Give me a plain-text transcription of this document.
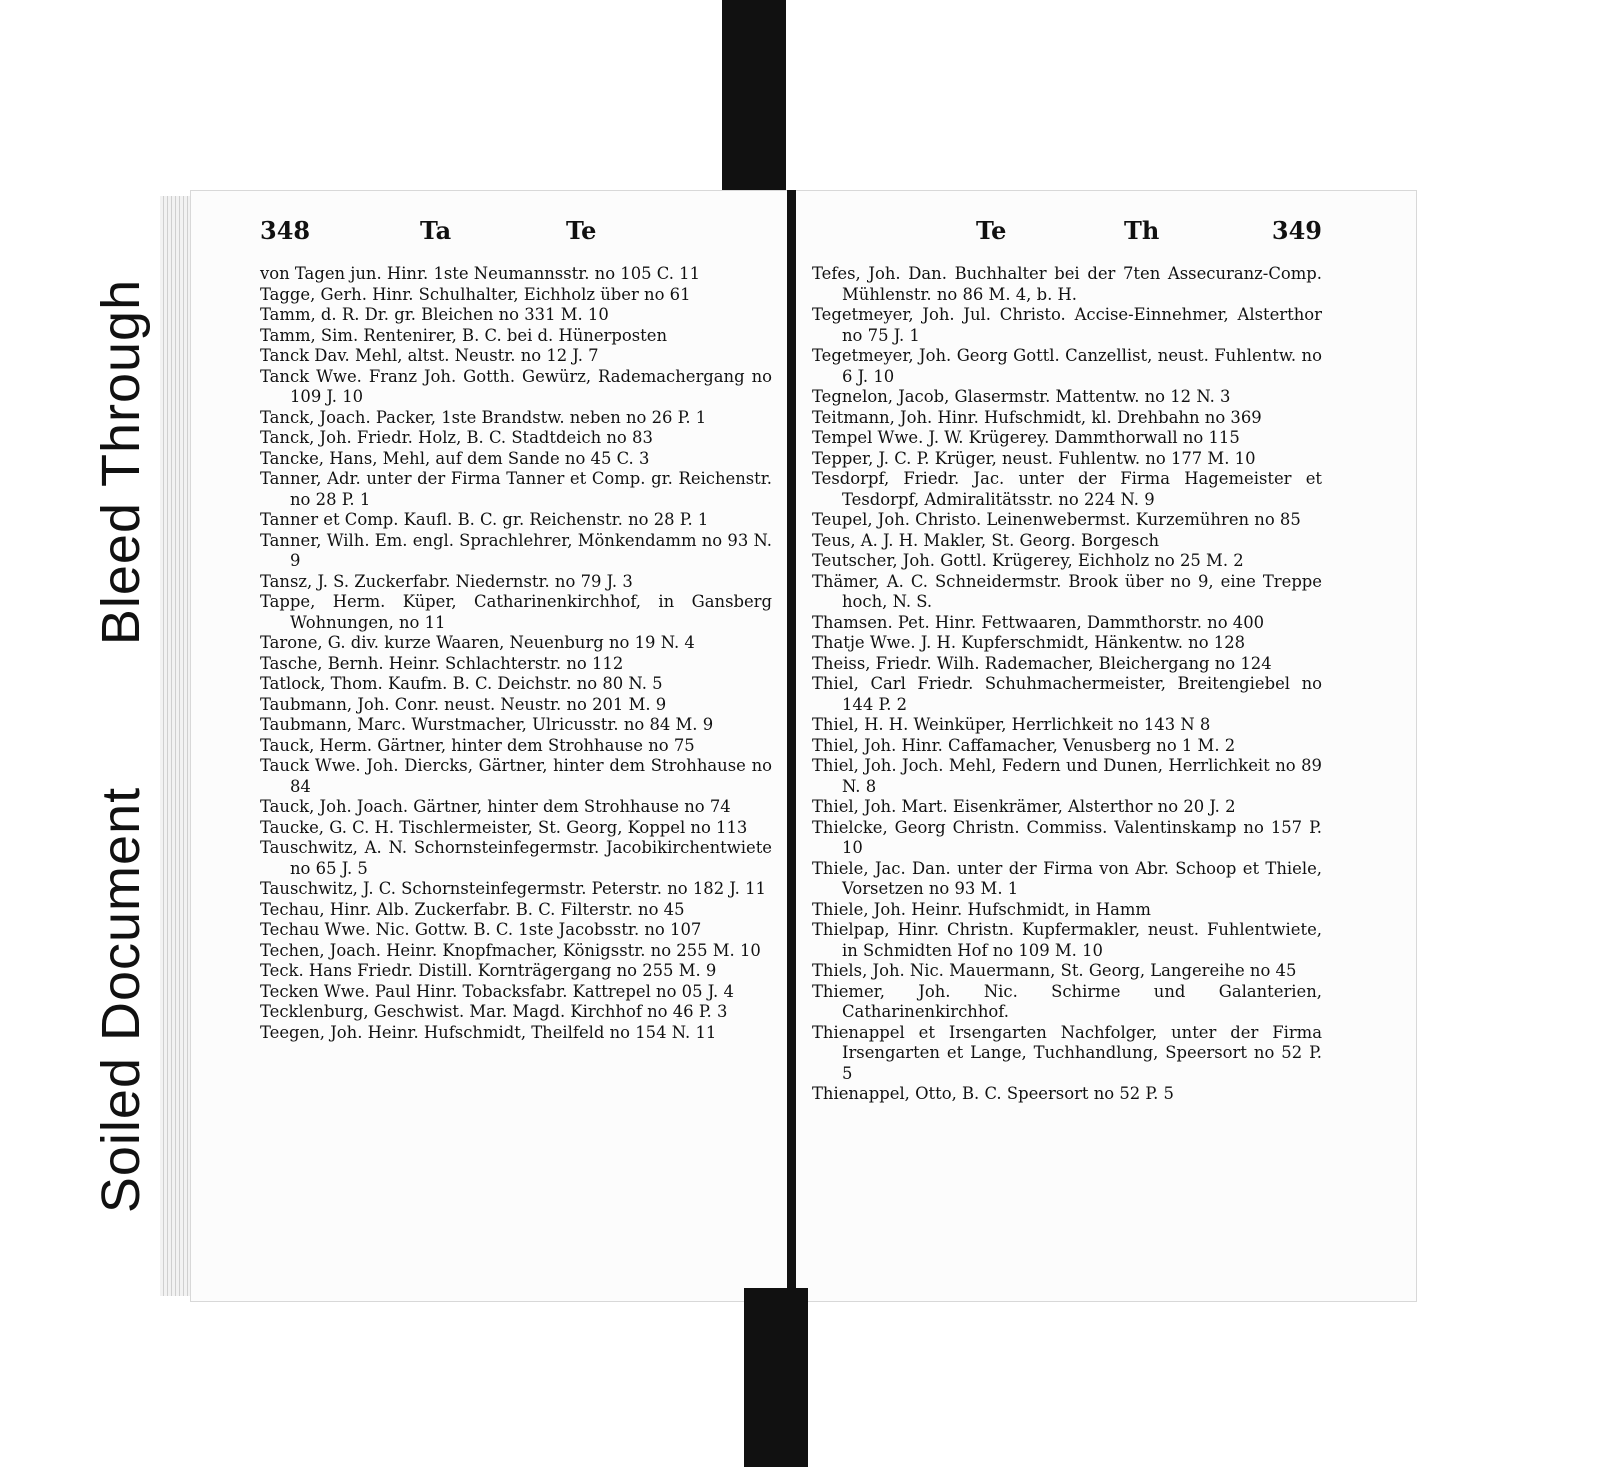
Bleed Through
Soiled Document
348	Ta	Te
von Tagen jun. Hinr. 1ste Neumannsstr. no 105 C. 11
Tagge, Gerh. Hinr. Schulhalter, Eichholz über no 61
Tamm, d. R. Dr. gr. Bleichen no 331 M. 10
Tamm, Sim. Rentenirer, B. C. bei d. Hünerposten
Tanck Dav. Mehl, altst. Neustr. no 12 J. 7
Tanck Wwe. Franz Joh. Gotth. Gewürz, Rademachergang no 109 J. 10
Tanck, Joach. Packer, 1ste Brandstw. neben no 26 P. 1
Tanck, Joh. Friedr. Holz, B. C. Stadtdeich no 83
Tancke, Hans, Mehl, auf dem Sande no 45 C. 3
Tanner, Adr. unter der Firma Tanner et Comp. gr. Reichenstr. no 28 P. 1
Tanner et Comp. Kaufl. B. C. gr. Reichenstr. no 28 P. 1
Tanner, Wilh. Em. engl. Sprachlehrer, Mönkendamm no 93 N. 9
Tansz, J. S. Zuckerfabr. Niedernstr. no 79 J. 3
Tappe, Herm. Küper, Catharinenkirchhof, in Gansberg Wohnungen, no 11
Tarone, G. div. kurze Waaren, Neuenburg no 19 N. 4
Tasche, Bernh. Heinr. Schlachterstr. no 112
Tatlock, Thom. Kaufm. B. C. Deichstr. no 80 N. 5
Taubmann, Joh. Conr. neust. Neustr. no 201 M. 9
Taubmann, Marc. Wurstmacher, Ulricusstr. no 84 M. 9
Tauck, Herm. Gärtner, hinter dem Strohhause no 75
Tauck Wwe. Joh. Diercks, Gärtner, hinter dem Strohhause no 84
Tauck, Joh. Joach. Gärtner, hinter dem Strohhause no 74
Taucke, G. C. H. Tischlermeister, St. Georg, Koppel no 113
Tauschwitz, A. N. Schornsteinfegermstr. Jacobikirchentwiete no 65 J. 5
Tauschwitz, J. C. Schornsteinfegermstr. Peterstr. no 182 J. 11
Techau, Hinr. Alb. Zuckerfabr. B. C. Filterstr. no 45
Techau Wwe. Nic. Gottw. B. C. 1ste Jacobsstr. no 107
Techen, Joach. Heinr. Knopfmacher, Königsstr. no 255 M. 10
Teck. Hans Friedr. Distill. Kornträgergang no 255 M. 9
Tecken Wwe. Paul Hinr. Tobacksfabr. Kattrepel no 05 J. 4
Tecklenburg, Geschwist. Mar. Magd. Kirchhof no 46 P. 3
Teegen, Joh. Heinr. Hufschmidt, Theilfeld no 154 N. 11
Te	Th	349
Tefes, Joh. Dan. Buchhalter bei der 7ten Assecuranz-Comp. Mühlenstr. no 86 M. 4, b. H.
Tegetmeyer, Joh. Jul. Christo. Accise-Einnehmer, Alsterthor no 75 J. 1
Tegetmeyer, Joh. Georg Gottl. Canzellist, neust. Fuhlentw. no 6 J. 10
Tegnelon, Jacob, Glasermstr. Mattentw. no 12 N. 3
Teitmann, Joh. Hinr. Hufschmidt, kl. Drehbahn no 369
Tempel Wwe. J. W. Krügerey. Dammthorwall no 115
Tepper, J. C. P. Krüger, neust. Fuhlentw. no 177 M. 10
Tesdorpf, Friedr. Jac. unter der Firma Hagemeister et Tesdorpf, Admiralitätsstr. no 224 N. 9
Teupel, Joh. Christo. Leinenwebermst. Kurzemühren no 85
Teus, A. J. H. Makler, St. Georg. Borgesch
Teutscher, Joh. Gottl. Krügerey, Eichholz no 25 M. 2
Thämer, A. C. Schneidermstr. Brook über no 9, eine Treppe hoch, N. S.
Thamsen. Pet. Hinr. Fettwaaren, Dammthorstr. no 400
Thatje Wwe. J. H. Kupferschmidt, Hänkentw. no 128
Theiss, Friedr. Wilh. Rademacher, Bleichergang no 124
Thiel, Carl Friedr. Schuhmachermeister, Breitengiebel no 144 P. 2
Thiel, H. H. Weinküper, Herrlichkeit no 143 N 8
Thiel, Joh. Hinr. Caffamacher, Venusberg no 1 M. 2
Thiel, Joh. Joch. Mehl, Federn und Dunen, Herrlichkeit no 89 N. 8
Thiel, Joh. Mart. Eisenkrämer, Alsterthor no 20 J. 2
Thielcke, Georg Christn. Commiss. Valentinskamp no 157 P. 10
Thiele, Jac. Dan. unter der Firma von Abr. Schoop et Thiele, Vorsetzen no 93 M. 1
Thiele, Joh. Heinr. Hufschmidt, in Hamm
Thielpap, Hinr. Christn. Kupfermakler, neust. Fuhlentwiete, in Schmidten Hof no 109 M. 10
Thiels, Joh. Nic. Mauermann, St. Georg, Langereihe no 45
Thiemer, Joh. Nic. Schirme und Galanterien, Catharinenkirchhof.
Thienappel et Irsengarten Nachfolger, unter der Firma Irsengarten et Lange, Tuchhandlung, Speersort no 52 P. 5
Thienappel, Otto, B. C. Speersort no 52 P. 5
